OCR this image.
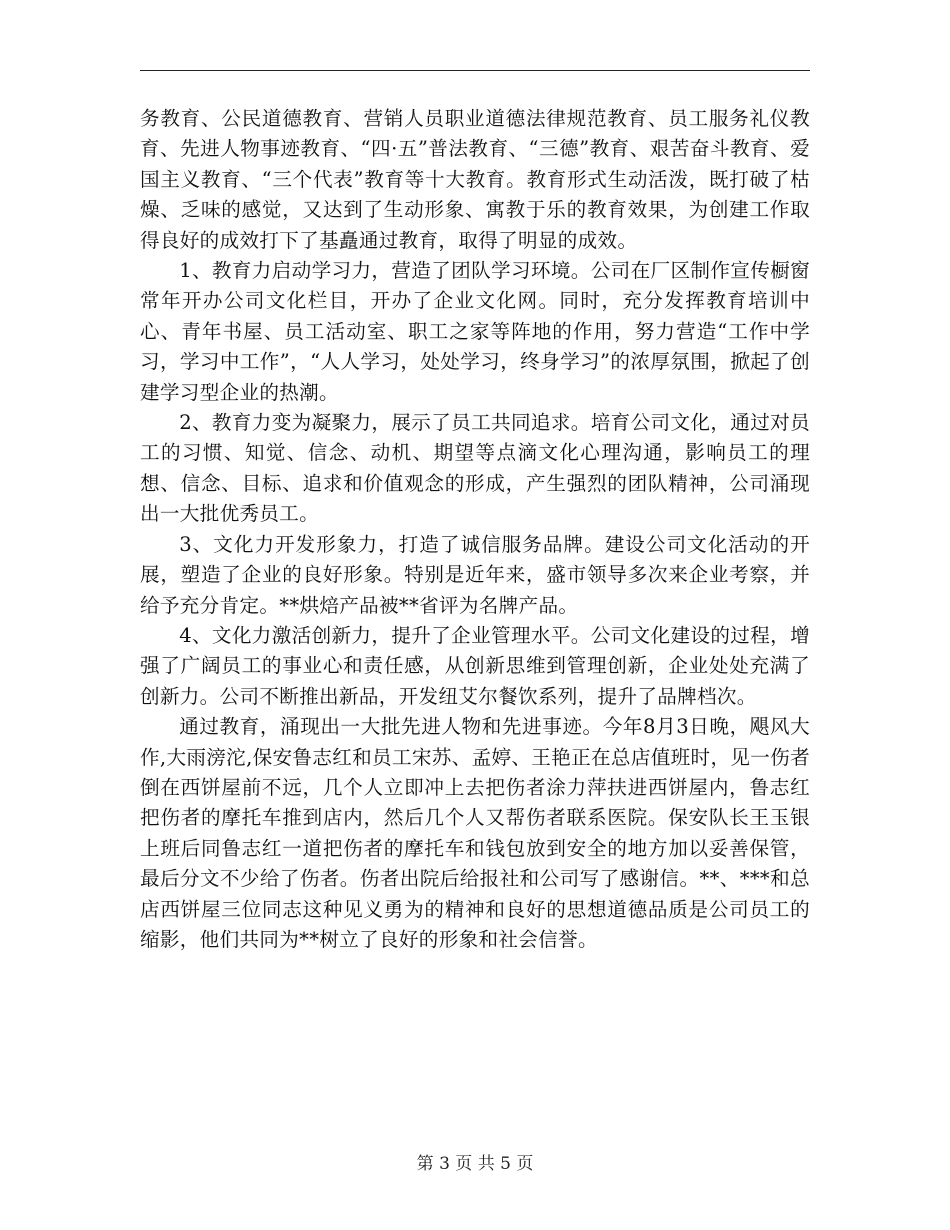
务教育、公民道德教育、营销人员职业道德法律规范教育、员工服务礼仪教育、先进人物事迹教育、“四·五”普法教育、“三德”教育、艰苦奋斗教育、爱国主义教育、“三个代表”教育等十大教育。教育形式生动活泼，既打破了枯燥、乏味的感觉，又达到了生动形象、寓教于乐的教育效果，为创建工作取得良好的成效打下了基矗通过教育，取得了明显的成效。

1、教育力启动学习力，营造了团队学习环境。公司在厂区制作宣传橱窗常年开办公司文化栏目，开办了企业文化网。同时，充分发挥教育培训中心、青年书屋、员工活动室、职工之家等阵地的作用，努力营造“工作中学习，学习中工作”，“人人学习，处处学习，终身学习”的浓厚氛围，掀起了创建学习型企业的热潮。

2、教育力变为凝聚力，展示了员工共同追求。培育公司文化，通过对员工的习惯、知觉、信念、动机、期望等点滴文化心理沟通，影响员工的理想、信念、目标、追求和价值观念的形成，产生强烈的团队精神，公司涌现出一大批优秀员工。

3、文化力开发形象力，打造了诚信服务品牌。建设公司文化活动的开展，塑造了企业的良好形象。特别是近年来，盛市领导多次来企业考察，并给予充分肯定。**烘焙产品被**省评为名牌产品。

4、文化力激活创新力，提升了企业管理水平。公司文化建设的过程，增强了广阔员工的事业心和责任感，从创新思维到管理创新，企业处处充满了创新力。公司不断推出新品，开发纽艾尔餐饮系列，提升了品牌档次。

通过教育，涌现出一大批先进人物和先进事迹。今年8月3日晚，飓风大作,大雨滂沱,保安鲁志红和员工宋苏、孟婷、王艳正在总店值班时，见一伤者倒在西饼屋前不远，几个人立即冲上去把伤者涂力萍扶进西饼屋内，鲁志红把伤者的摩托车推到店内，然后几个人又帮伤者联系医院。保安队长王玉银上班后同鲁志红一道把伤者的摩托车和钱包放到安全的地方加以妥善保管，最后分文不少给了伤者。伤者出院后给报社和公司写了感谢信。**、***和总店西饼屋三位同志这种见义勇为的精神和良好的思想道德品质是公司员工的缩影，他们共同为**树立了良好的形象和社会信誉。

第 3 页 共 5 页
